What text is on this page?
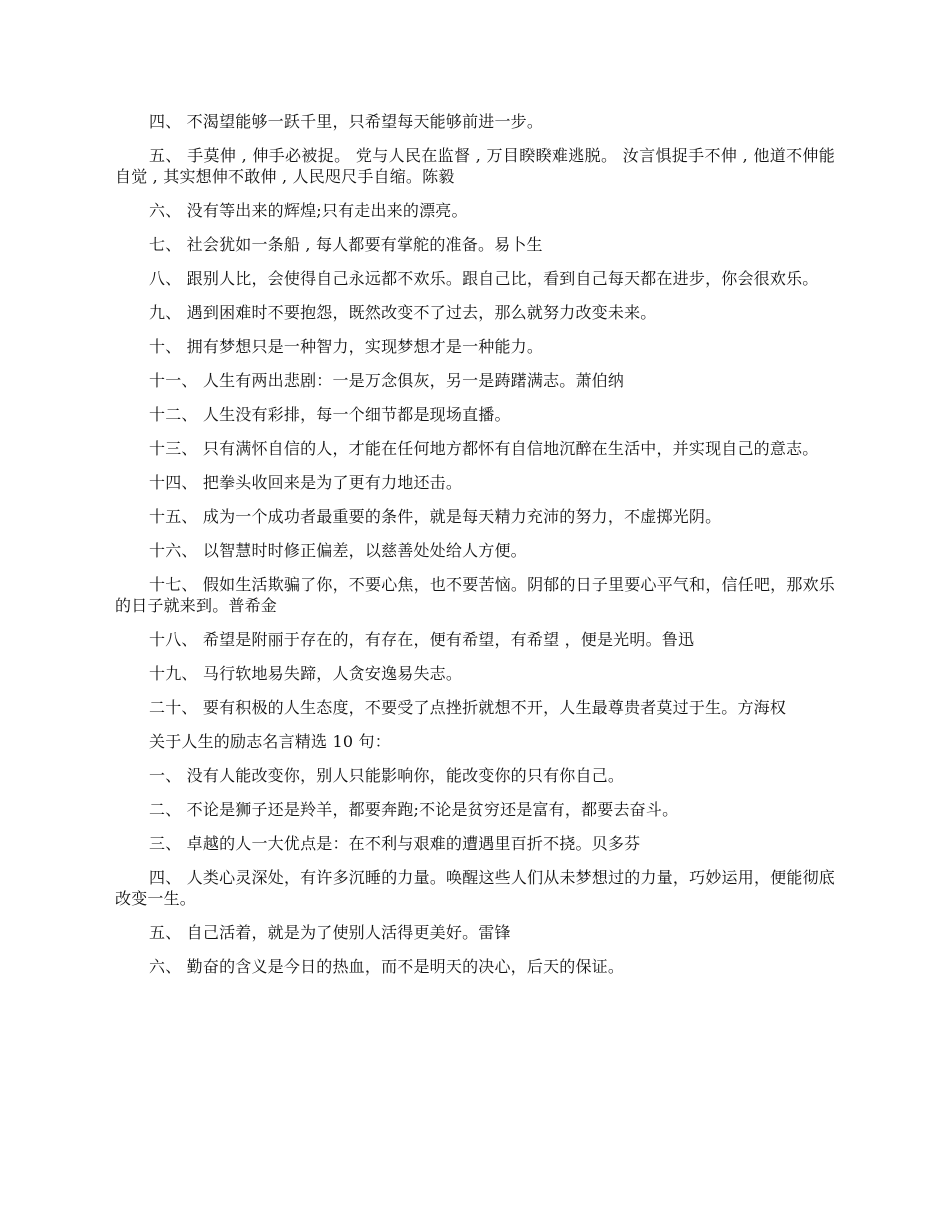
四、 不渴望能够一跃千里，只希望每天能够前进一步。

五、 手莫伸 , 伸手必被捉。 党与人民在监督 , 万目睽睽难逃脱。 汝言惧捉手不伸 , 他道不伸能自觉 , 其实想伸不敢伸 , 人民咫尺手自缩。陈毅

六、 没有等出来的辉煌;只有走出来的漂亮。

七、 社会犹如一条船 , 每人都要有掌舵的准备。易卜生

八、 跟别人比，会使得自己永远都不欢乐。跟自己比，看到自己每天都在进步，你会很欢乐。

九、 遇到困难时不要抱怨，既然改变不了过去，那么就努力改变未来。

十、 拥有梦想只是一种智力，实现梦想才是一种能力。

十一、 人生有两出悲剧：一是万念俱灰，另一是踌躇满志。萧伯纳

十二、 人生没有彩排，每一个细节都是现场直播。

十三、 只有满怀自信的人，才能在任何地方都怀有自信地沉醉在生活中，并实现自己的意志。

十四、 把拳头收回来是为了更有力地还击。

十五、 成为一个成功者最重要的条件，就是每天精力充沛的努力，不虚掷光阴。

十六、 以智慧时时修正偏差，以慈善处处给人方便。

十七、 假如生活欺骗了你，不要心焦，也不要苦恼。阴郁的日子里要心平气和，信任吧，那欢乐的日子就来到。普希金

十八、 希望是附丽于存在的，有存在，便有希望，有希望 ，便是光明。鲁迅

十九、 马行软地易失蹄，人贪安逸易失志。

二十、 要有积极的人生态度，不要受了点挫折就想不开，人生最尊贵者莫过于生。方海权

关于人生的励志名言精选 10 句：

一、 没有人能改变你，别人只能影响你，能改变你的只有你自己。

二、 不论是狮子还是羚羊，都要奔跑;不论是贫穷还是富有，都要去奋斗。

三、 卓越的人一大优点是：在不利与艰难的遭遇里百折不挠。贝多芬

四、 人类心灵深处，有许多沉睡的力量。唤醒这些人们从未梦想过的力量，巧妙运用，便能彻底改变一生。

五、 自己活着，就是为了使别人活得更美好。雷锋

六、 勤奋的含义是今日的热血，而不是明天的决心，后天的保证。
